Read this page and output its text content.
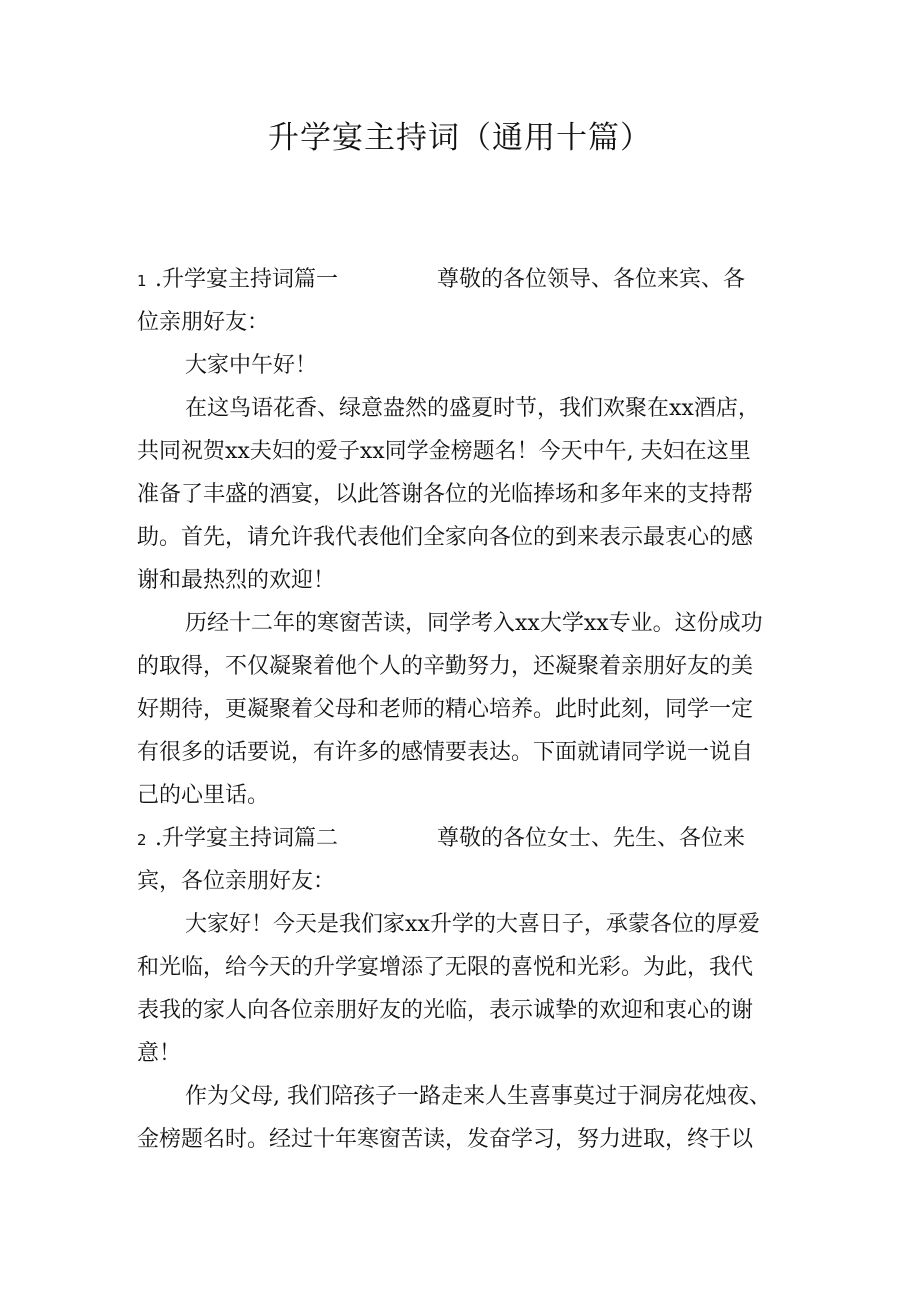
升学宴主持词（通用十篇）
1 .升学宴主持词篇一	尊敬的各位领导、各位来宾、各
位亲朋好友：
大家中午好！
在这鸟语花香、绿意盎然的盛夏时节，我们欢聚在xx酒店，
共同祝贺xx夫妇的爱子xx同学金榜题名！今天中午, 夫妇在这里
准备了丰盛的酒宴，以此答谢各位的光临捧场和多年来的支持帮
助。首先，请允许我代表他们全家向各位的到来表示最衷心的感
谢和最热烈的欢迎！
历经十二年的寒窗苦读，同学考入xx大学xx专业。这份成功
的取得，不仅凝聚着他个人的辛勤努力，还凝聚着亲朋好友的美
好期待，更凝聚着父母和老师的精心培养。此时此刻，同学一定
有很多的话要说，有许多的感情要表达。下面就请同学说一说自
己的心里话。
2 .升学宴主持词篇二	尊敬的各位女士、先生、各位来
宾，各位亲朋好友：
大家好！今天是我们家xx升学的大喜日子，承蒙各位的厚爱
和光临，给今天的升学宴增添了无限的喜悦和光彩。为此，我代
表我的家人向各位亲朋好友的光临，表示诚挚的欢迎和衷心的谢
意！
作为父母, 我们陪孩子一路走来人生喜事莫过于洞房花烛夜、
金榜题名时。经过十年寒窗苦读，发奋学习，努力进取，终于以
